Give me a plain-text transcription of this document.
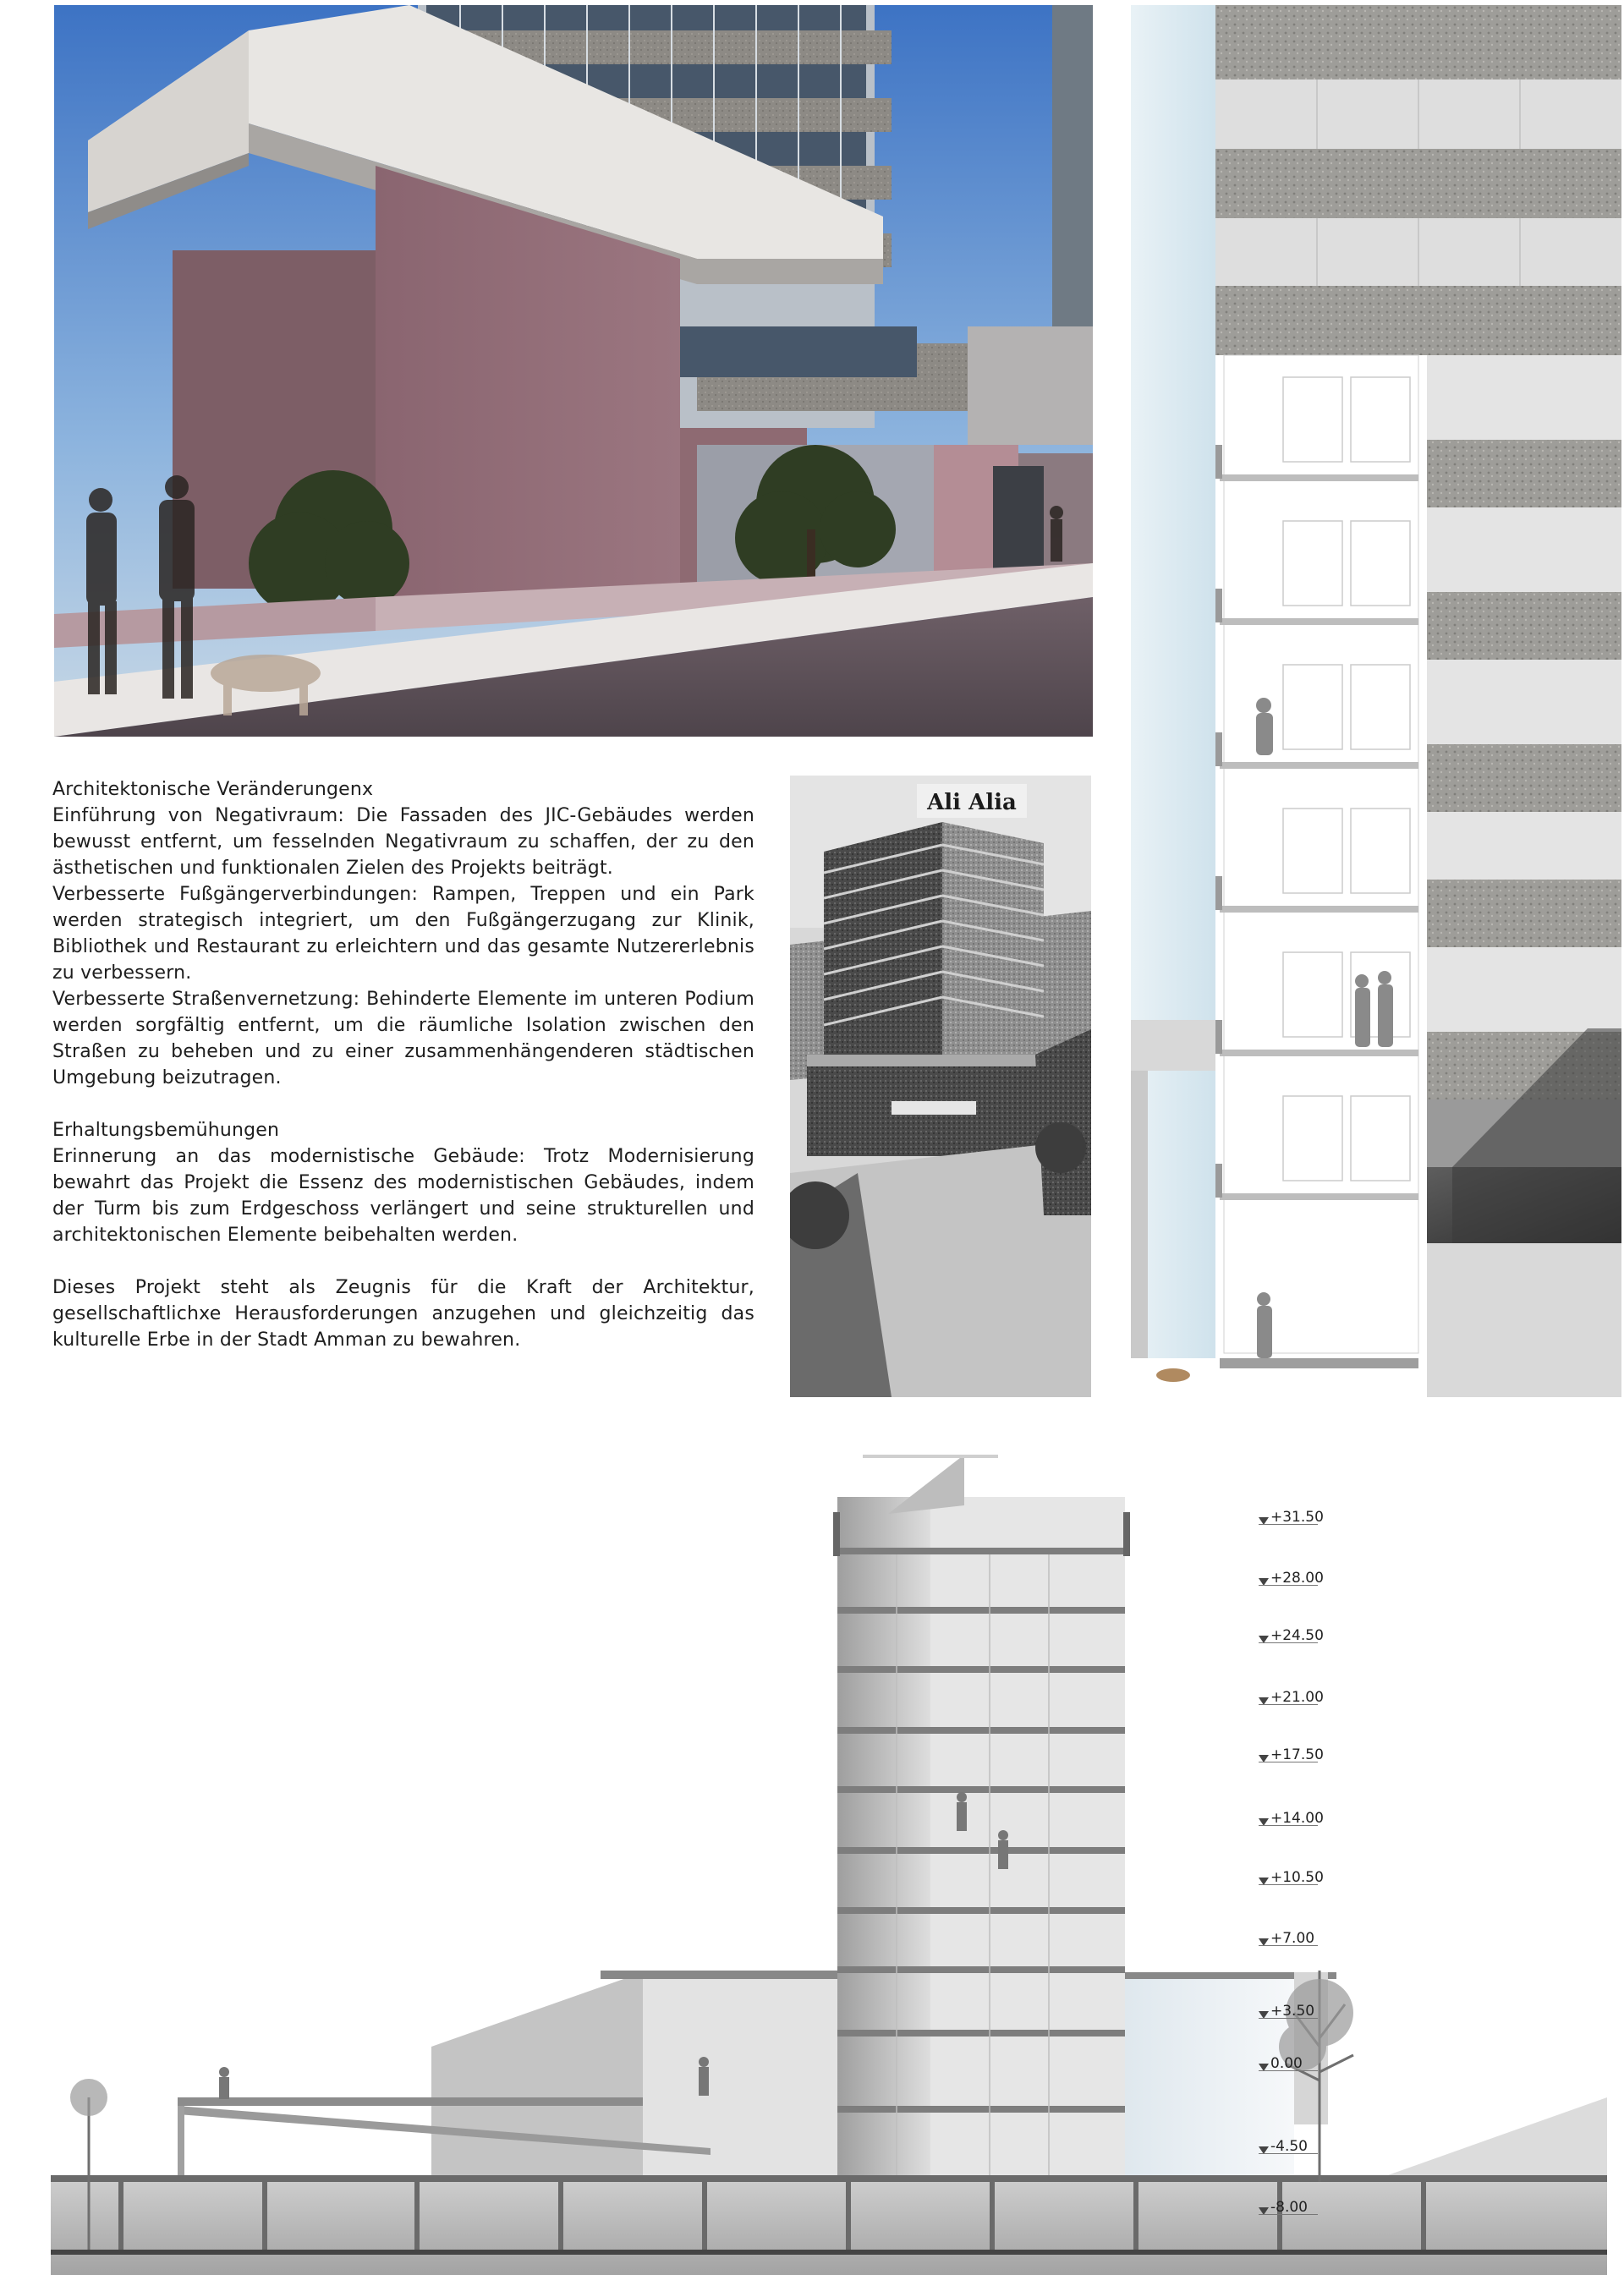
Architektonische Veränderungenx

Einführung von Negativraum: Die Fassaden des JIC-Gebäudes werden bewusst entfernt, um fesselnden Negativraum zu schaffen, der zu den ästhetischen und funktionalen Zielen des Projekts beiträgt.

Verbesserte Fußgängerverbindungen: Rampen, Treppen und ein Park werden strategisch integriert, um den Fußgängerzugang zur Klinik, Bibliothek und Restaurant zu erleichtern und das gesamte Nutzererlebnis zu verbessern.

Verbesserte Straßenvernetzung: Behinderte Elemente im unteren Podium werden sorgfältig entfernt, um die räumliche Isolation zwischen den Straßen zu beheben und zu einer zusammenhängenderen städtischen Umgebung beizutragen.

Erhaltungsbemühungen

Erinnerung an das modernistische Gebäude: Trotz Modernisierung bewahrt das Projekt die Essenz des modernistischen Gebäudes, indem der Turm bis zum Erdgeschoss verlängert und seine strukturellen und architektonischen Elemente beibehalten werden.

Dieses Projekt steht als Zeugnis für die Kraft der Architektur, gesellschaftlichxe Herausforderungen anzugehen und gleichzeitig das kulturelle Erbe in der Stadt Amman zu bewahren.

Ali Alia
+31.50
+28.00
+24.50
+21.00
+17.50
+14.00
+10.50
+7.00
+3.50
0.00
-4.50
-8.00
